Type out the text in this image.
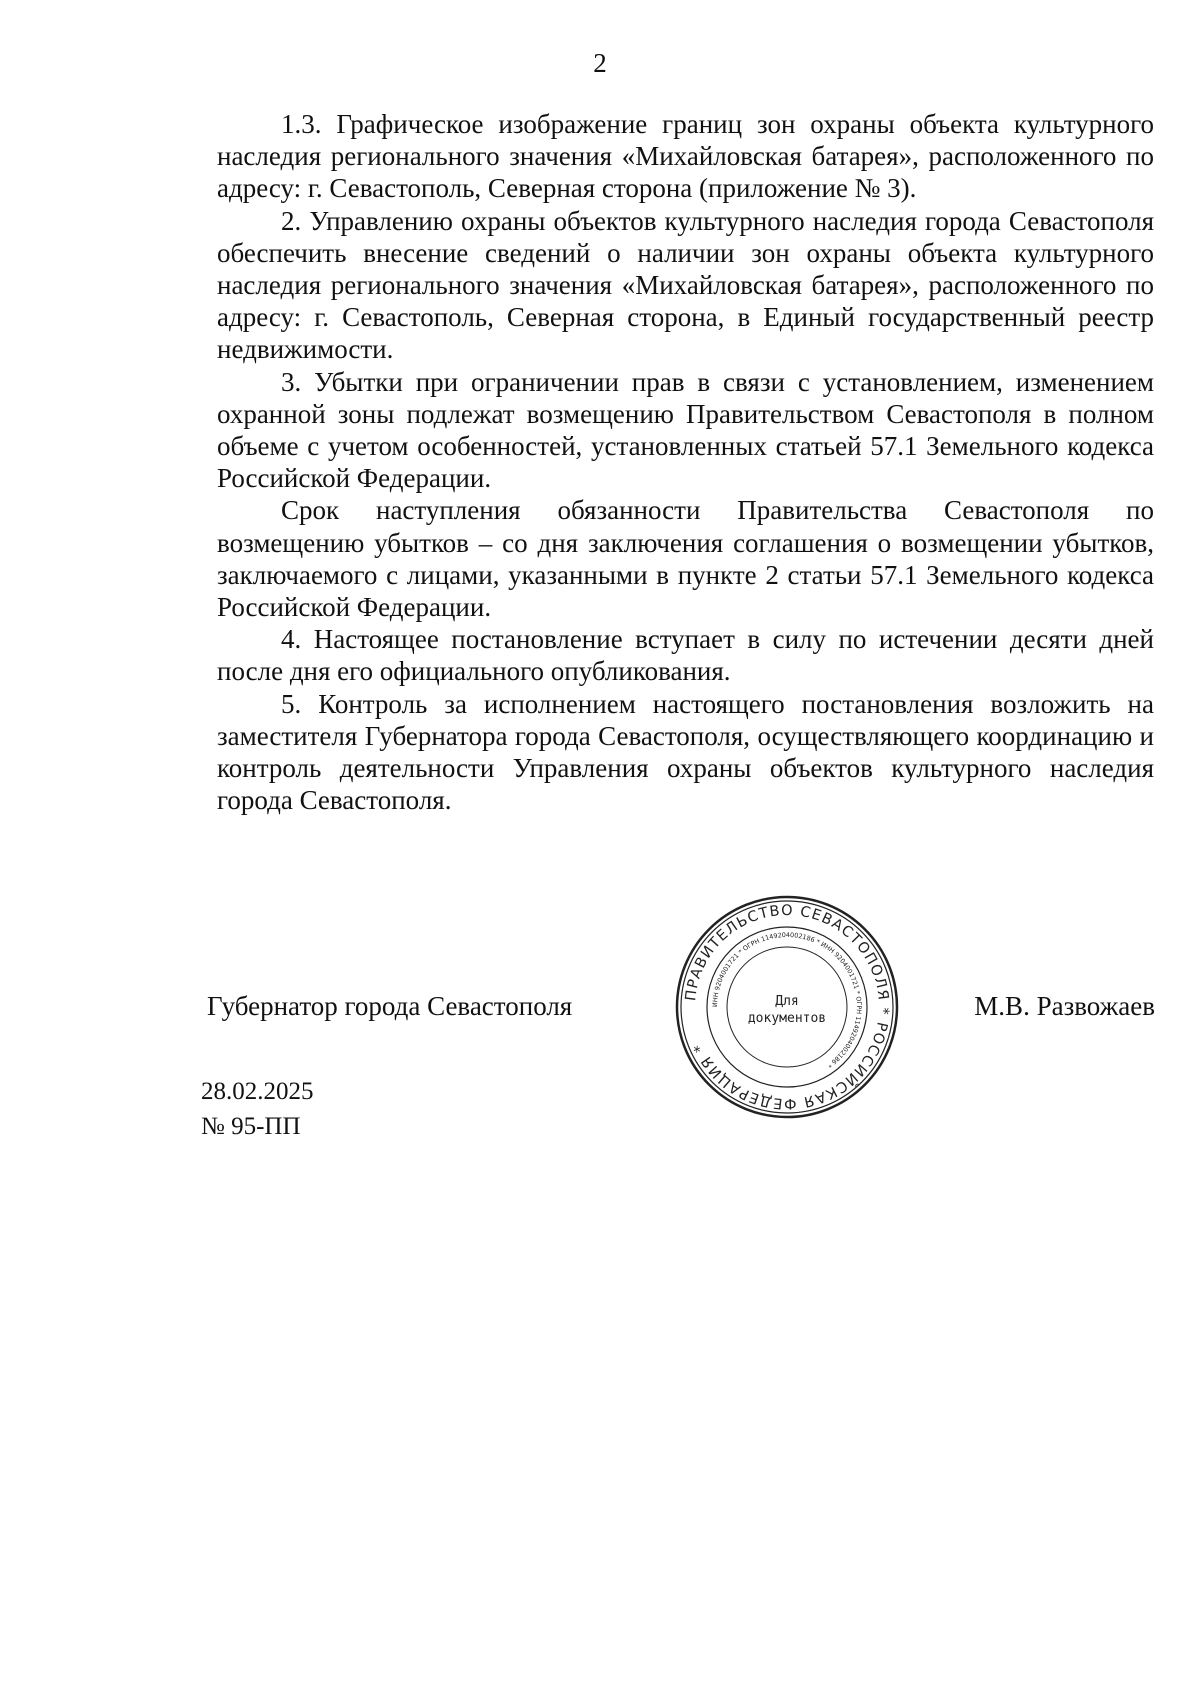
2

1.3. Графическое изображение границ зон охраны объекта культурного наследия регионального значения «Михайловская батарея», расположенного по адресу: г. Севастополь, Северная сторона (приложение № 3).

2. Управлению охраны объектов культурного наследия города Севастополя обеспечить внесение сведений о наличии зон охраны объекта культурного наследия регионального значения «Михайловская батарея», расположенного по адресу: г. Севастополь, Северная сторона, в Единый государственный реестр недвижимости.

3. Убытки при ограничении прав в связи с установлением, изменением охранной зоны подлежат возмещению Правительством Севастополя в полном объеме с учетом особенностей, установленных статьей 57.1 Земельного кодекса Российской Федерации.

Срок наступления обязанности Правительства Севастополя по возмещению убытков – со дня заключения соглашения о возмещении убытков, заключаемого с лицами, указанными в пункте 2 статьи 57.1 Земельного кодекса Российской Федерации.

4. Настоящее постановление вступает в силу по истечении десяти дней после дня его официального опубликования.

5. Контроль за исполнением настоящего постановления возложить на заместителя Губернатора города Севастополя, осуществляющего координацию и контроль деятельности Управления охраны объектов культурного наследия города Севастополя.

Губернатор города Севастополя	М.В. Развожаев
ПРАВИТЕЛЬСТВО СЕВАСТОПОЛЯ * РОССИЙСКАЯ ФЕДЕРАЦИЯ *
ИНН 9204001721 * ОГРН 1149204002186 * ИНН 9204001721 * ОГРН 1149204002186 *
Для
документов
28.02.2025
№ 95-ПП
